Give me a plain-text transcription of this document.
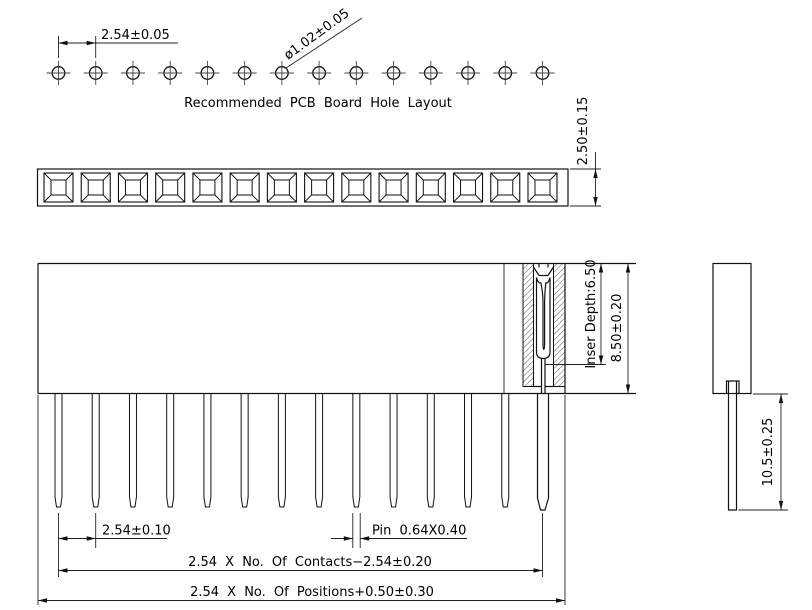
2.54±0.05	ø1.02±0.05
Recommended PCB Board Hole Layout	2.50±0.15
Inser Depth:6.50 8.50±0.20
2.54±0.10	Pin 0.64X0.40
2.54 X No. Of Contacts−2.54±0.20
2.54 X No. Of Positions+0.50±0.30
10.5±0.25
